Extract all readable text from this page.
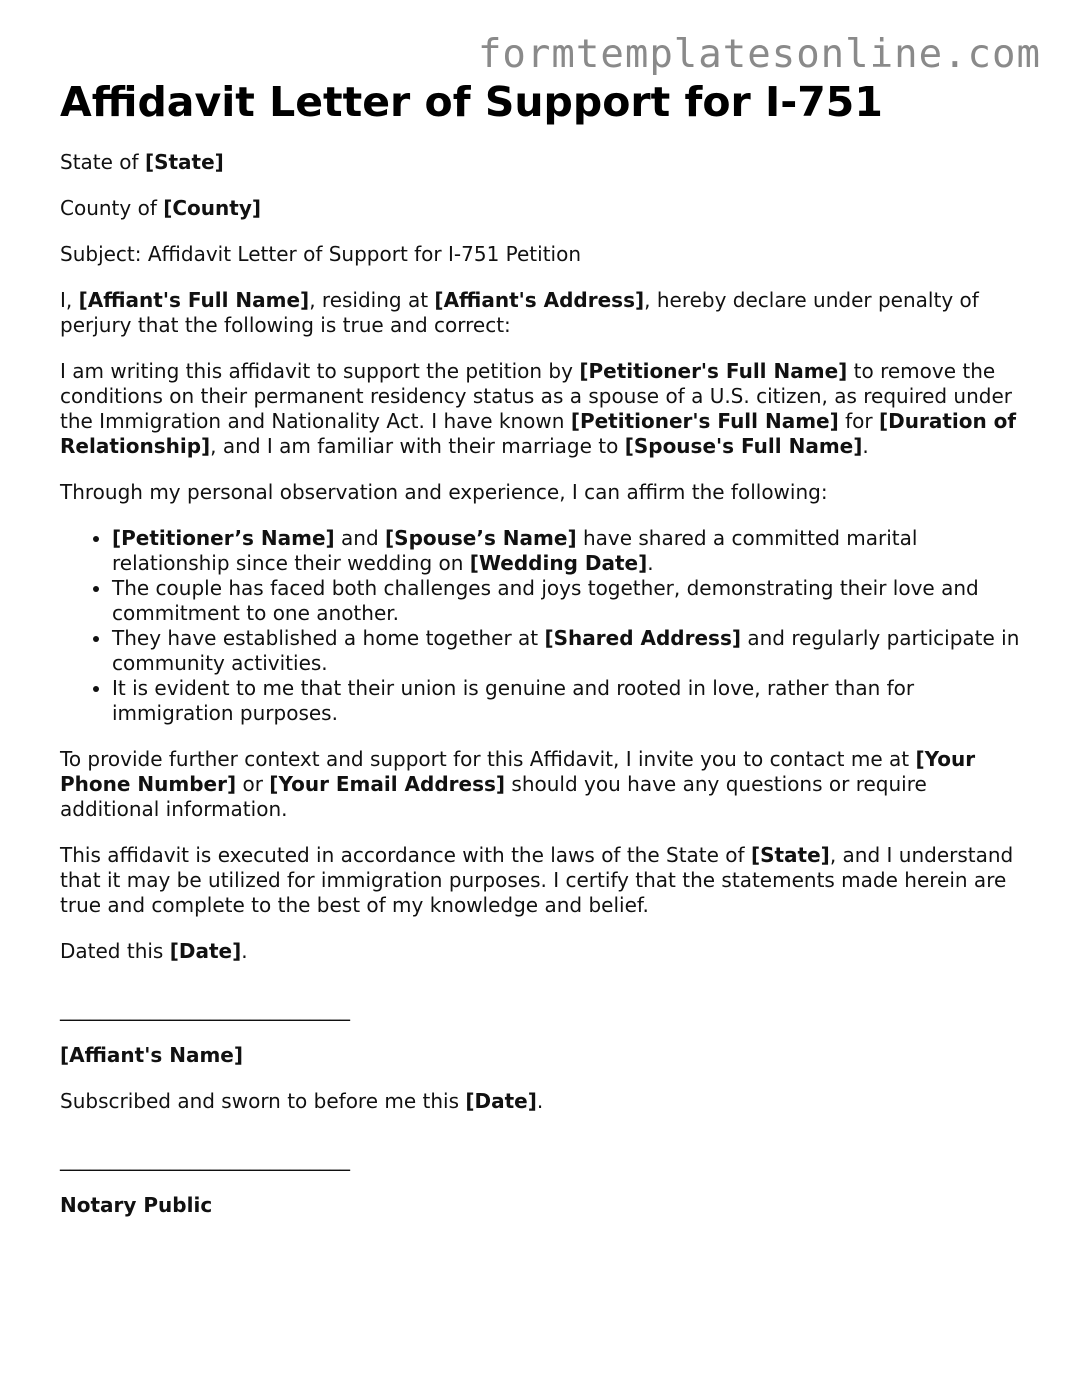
formtemplatesonline.com
Affidavit Letter of Support for I-751

State of [State]

County of [County]

Subject: Affidavit Letter of Support for I-751 Petition

I, [Affiant's Full Name], residing at [Affiant's Address], hereby declare under penalty of perjury that the following is true and correct:

I am writing this affidavit to support the petition by [Petitioner's Full Name] to remove the conditions on their permanent residency status as a spouse of a U.S. citizen, as required under the Immigration and Nationality Act. I have known [Petitioner's Full Name] for [Duration of Relationship], and I am familiar with their marriage to [Spouse's Full Name].

Through my personal observation and experience, I can affirm the following:

• [Petitioner’s Name] and [Spouse’s Name] have shared a committed marital relationship since their wedding on [Wedding Date].
• The couple has faced both challenges and joys together, demonstrating their love and commitment to one another.
• They have established a home together at [Shared Address] and regularly participate in community activities.
• It is evident to me that their union is genuine and rooted in love, rather than for immigration purposes.

To provide further context and support for this Affidavit, I invite you to contact me at [Your Phone Number] or [Your Email Address] should you have any questions or require additional information.

This affidavit is executed in accordance with the laws of the State of [State], and I understand that it may be utilized for immigration purposes. I certify that the statements made herein are true and complete to the best of my knowledge and belief.

Dated this [Date].

_____________________________

[Affiant's Name]

Subscribed and sworn to before me this [Date].

_____________________________

Notary Public
